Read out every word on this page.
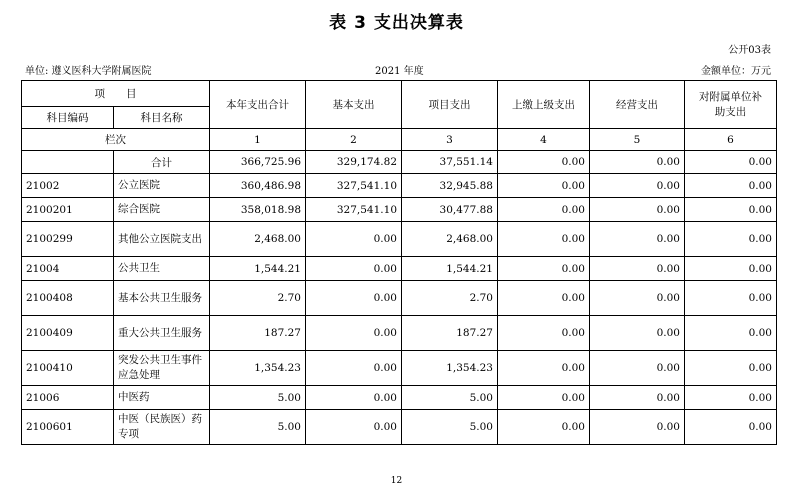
表 3 支出决算表
公开03表
单位: 遵义医科大学附属医院	2021 年度	金额单位：万元
项　　目		本年支出合计	基本支出	项目支出	上缴上级支出	经营支出	对附属单位补助支出
科目编码	科目名称						
栏次		1	2	3	4	5	6
	合计	366,725.96	329,174.82	37,551.14	0.00	0.00	0.00
21002	公立医院	360,486.98	327,541.10	32,945.88	0.00	0.00	0.00
2100201	综合医院	358,018.98	327,541.10	30,477.88	0.00	0.00	0.00
2100299	其他公立医院支出	2,468.00	0.00	2,468.00	0.00	0.00	0.00
21004	公共卫生	1,544.21	0.00	1,544.21	0.00	0.00	0.00
2100408	基本公共卫生服务	2.70	0.00	2.70	0.00	0.00	0.00
2100409	重大公共卫生服务	187.27	0.00	187.27	0.00	0.00	0.00
2100410	突发公共卫生事件应急处理	1,354.23	0.00	1,354.23	0.00	0.00	0.00
21006	中医药	5.00	0.00	5.00	0.00	0.00	0.00
2100601	中医（民族医）药专项	5.00	0.00	5.00	0.00	0.00	0.00
12
